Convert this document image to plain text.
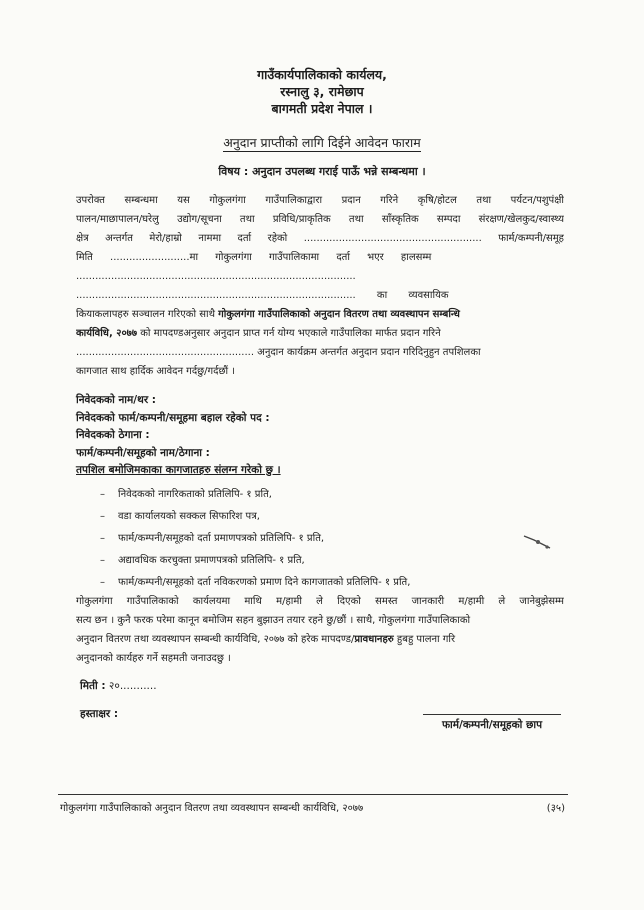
गाउँकार्यपालिकाको कार्यलय,
रस्नालु ३, रामेछाप
बागमती प्रदेश नेपाल ।
अनुदान प्राप्तीको लागि दिईने आवेदन फाराम
विषय : अनुदान उपलब्ध गराई पाऊँ भन्ने सम्बन्धमा ।
उपरोक्त सम्बन्धमा यस गोकुलगंगा गाउँपालिकाद्वारा प्रदान गरिने कृषि/होटल तथा पर्यटन/पशुपंक्षी
पालन/माछापालन/घरेलु उद्योग/सूचना तथा प्रविधि/प्राकृतिक तथा साँस्कृतिक सम्पदा संरक्षण/खेलकुद/स्वास्थ्य
क्षेत्र अन्तर्गत मेरो/हाम्रो नाममा दर्ता रहेको ........................................................ फार्म/कम्पनी/समूह
मिति .........................मा गोकुलगंगा गाउँपालिकामा दर्ता भएर हालसम्म
........................................................................................
........................................................................................ का व्यवसायिक
कियाकलापहरु सञ्चालन गरिएको साथै गोकुलगंगा गाउँपालिकाको अनुदान वितरण तथा व्यवस्थापन सम्बन्धि
कार्यविधि, २०७७ को मापदण्डअनुसार अनुदान प्राप्त गर्न योग्य भएकाले गाउँपालिका मार्फत प्रदान गरिने
........................................................ अनुदान कार्यक्रम अन्तर्गत अनुदान प्रदान गरिदिनुहुन तपशिलका
कागजात साथ हार्दिक आवेदन गर्दछु/गर्दछौं ।
निवेदकको नाम/थर :
निवेदकको फार्म/कम्पनी/समूहमा बहाल रहेको पद :
निवेदकको ठेगाना :
फार्म/कम्पनी/समूहको नाम/ठेगाना :
तपशिल बमोजिमकाका कागजातहरु संलग्न गरेको छु ।
– निवेदकको नागरिकताको प्रतिलिपि- १ प्रति,
– वडा कार्यालयको सक्कल सिफारिश पत्र,
– फार्म/कम्पनी/समूहको दर्ता प्रमाणपत्रको प्रतिलिपि- १ प्रति,
– अद्यावधिक करचुक्ता प्रमाणपत्रको प्रतिलिपि- १ प्रति,
– फार्म/कम्पनी/समूहको दर्ता नविकरणको प्रमाण दिने कागजातको प्रतिलिपि- १ प्रति,
गोकुलगंगा गाउँपालिकाको कार्यलयमा माथि म/हामी ले दिएको समस्त जानकारी म/हामी ले जानेबुझेसम्म
सत्य छन । कुनै फरक परेमा कानून बमोजिम सहन बुझाउन तयार रहने छु/छौं । साथै, गोकुलगंगा गाउँपालिकाको
अनुदान वितरण तथा व्यवस्थापन सम्बन्धी कार्यविधि, २०७७ को हरेक मापदण्ड/प्रावधानहरु हुबहु पालना गरि
अनुदानको कार्यहरु गर्ने सहमती जनाउदछु ।
मिती : २०...........
हस्ताक्षर :
फार्म/कम्पनी/समूहको छाप
गोकुलगंगा गाउँपालिकाको अनुदान वितरण तथा व्यवस्थापन सम्बन्धी कार्यविधि, २०७७	(३५)
